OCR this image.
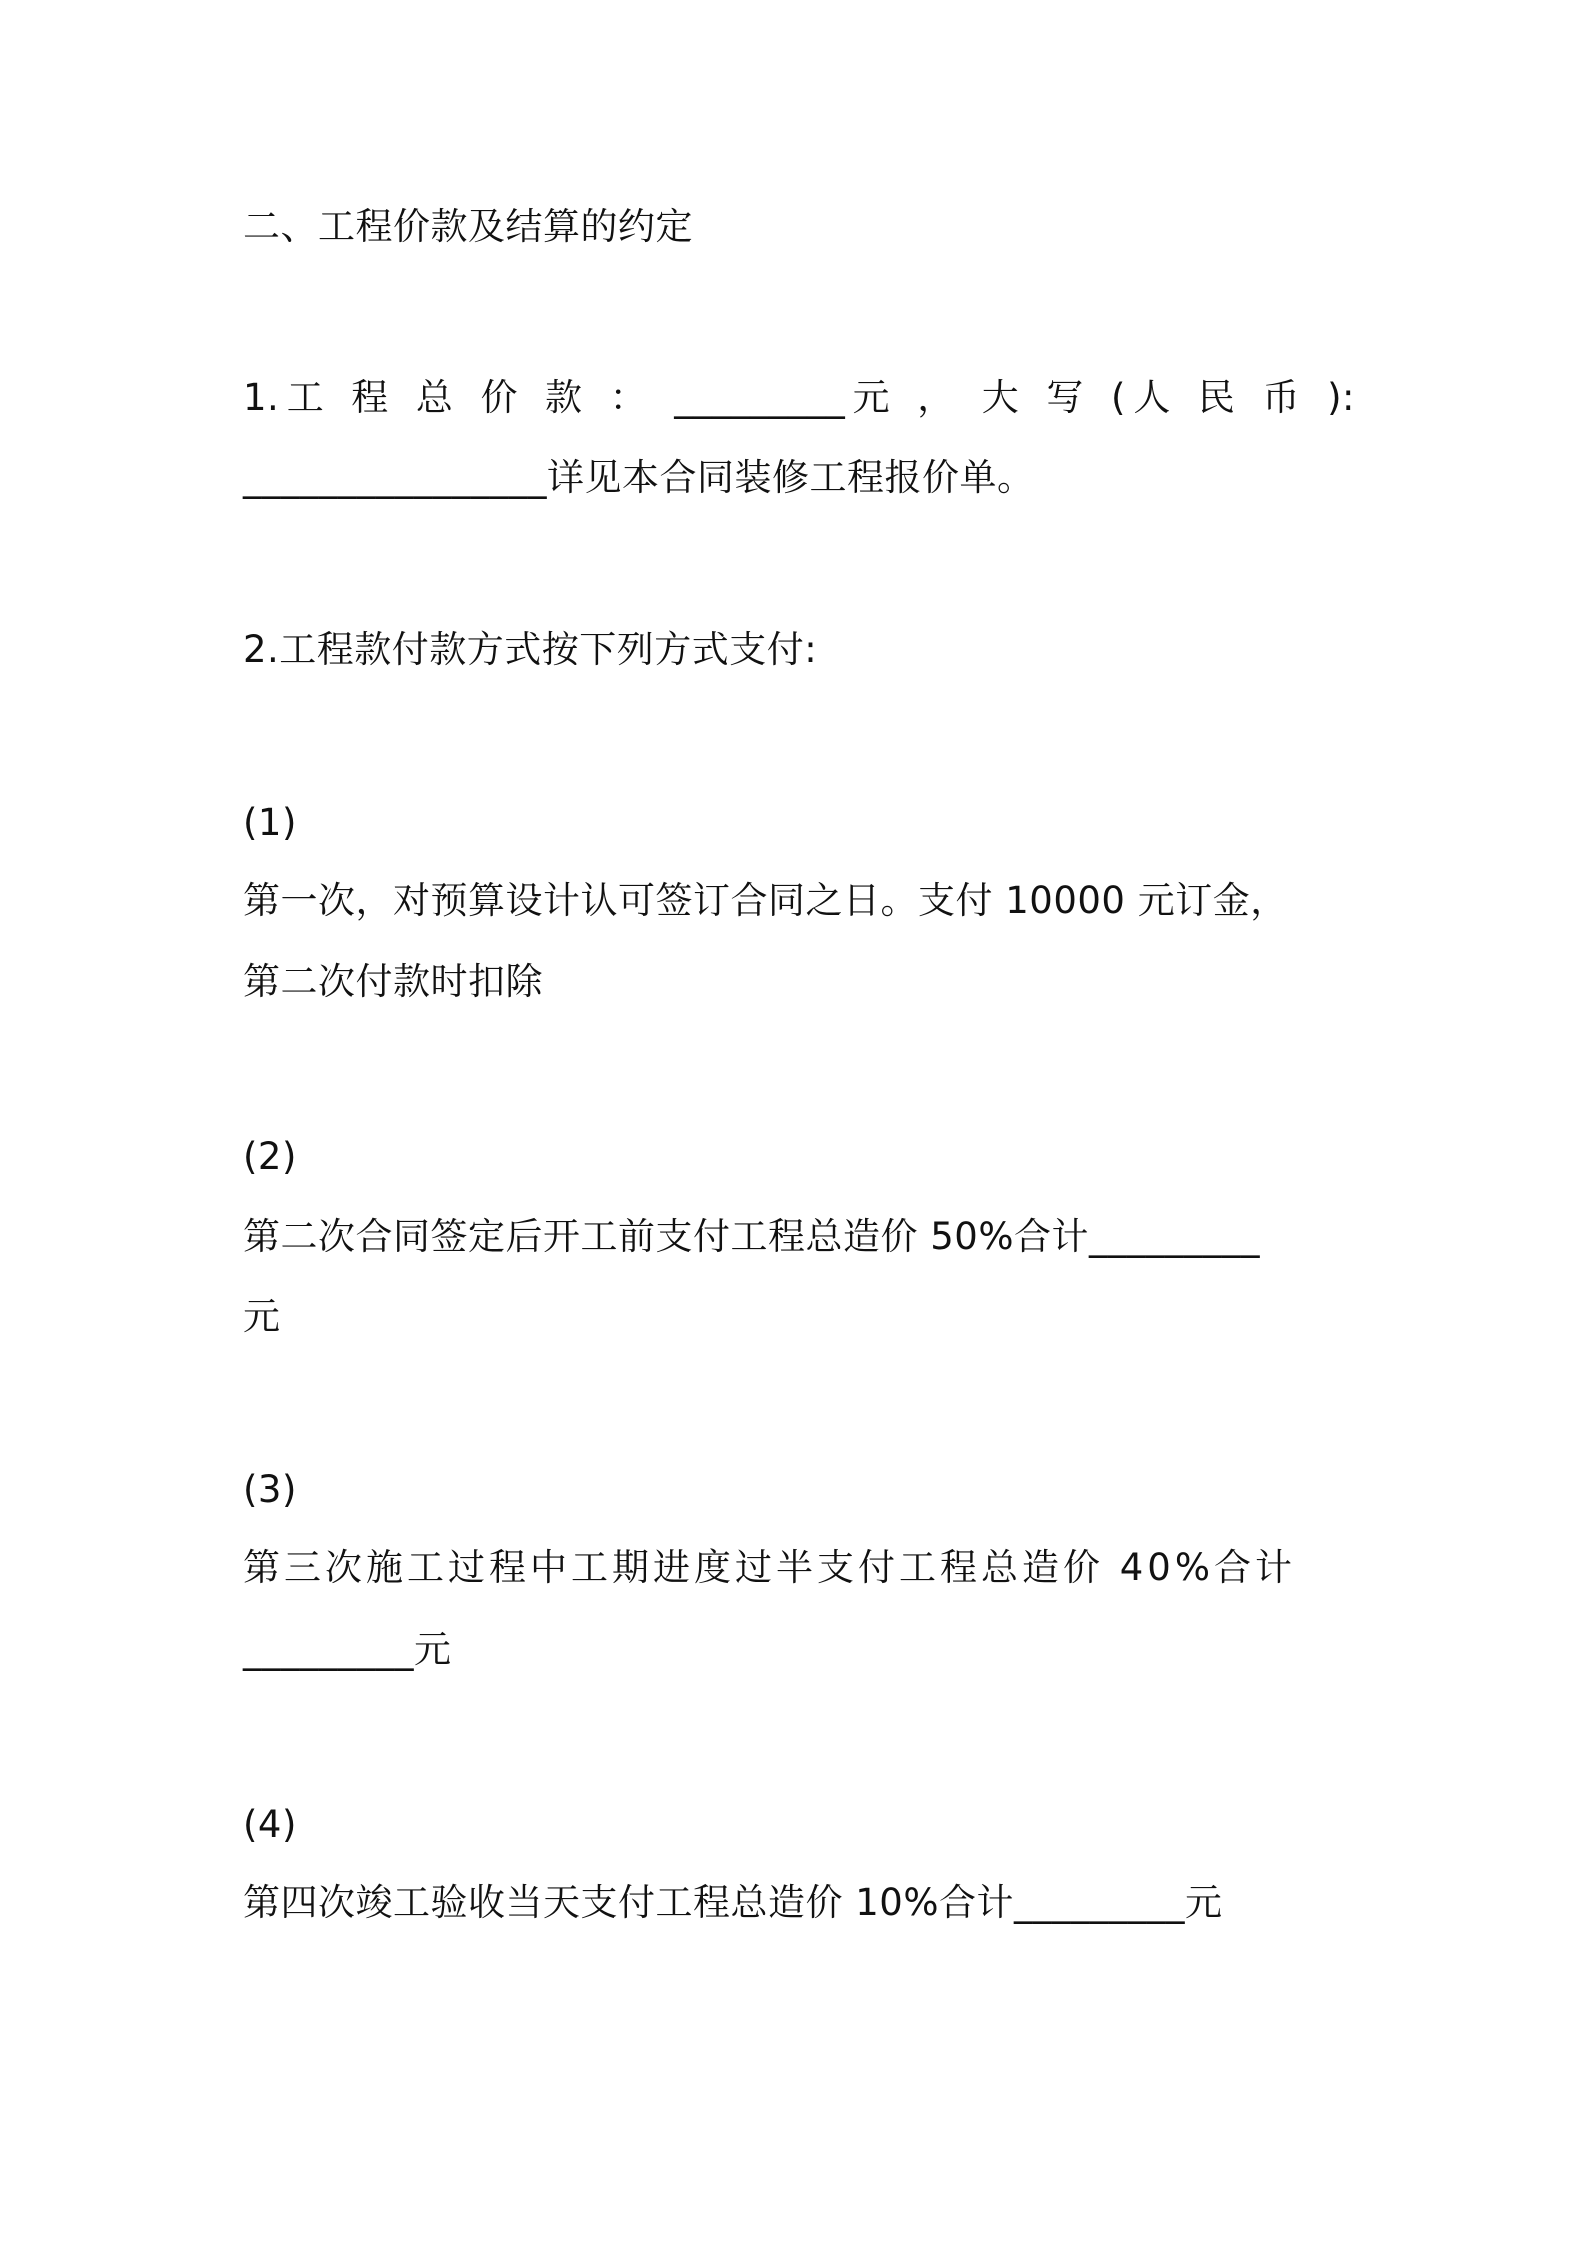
二、工程价款及结算的约定
1.工 程 总 价 款 ： _________元 ， 大 写 (人 民 币 ):
________________详见本合同装修工程报价单。
2.工程款付款方式按下列方式支付:
(1)
第一次，对预算设计认可签订合同之日。支付 10000 元订金，
第二次付款时扣除
(2)
第二次合同签定后开工前支付工程总造价 50%合计_________
元
(3)
第三次施工过程中工期进度过半支付工程总造价 40%合计
_________元
(4)
第四次竣工验收当天支付工程总造价 10%合计_________元
